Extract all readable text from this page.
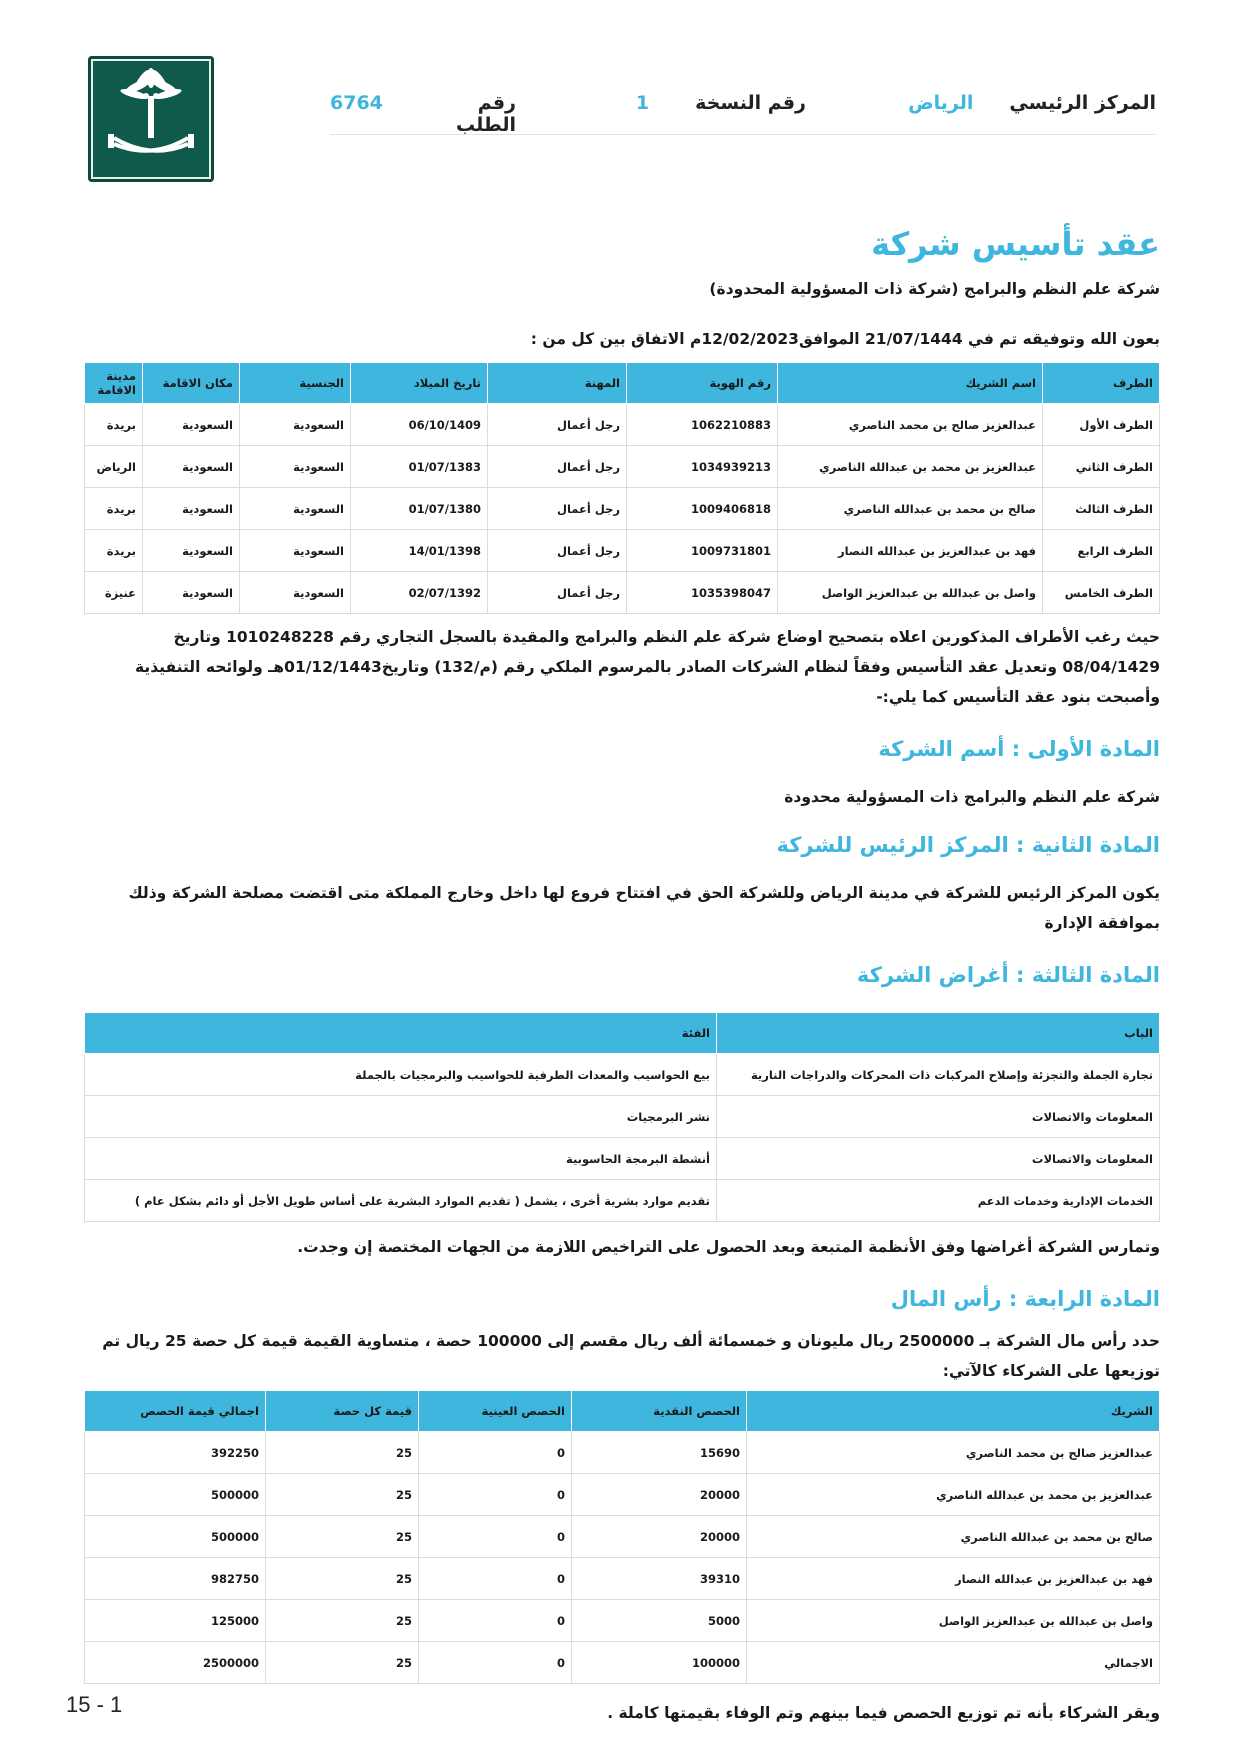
المركز الرئيسي
الرياض
رقم النسخة
1
رقم الطلب
6764
عقد تأسيس شركة

شركة علم النظم والبرامج (شركة ذات المسؤولية المحدودة)

بعون الله وتوفيقه تم في 21/07/1444 الموافق12/02/2023م الاتفاق بين كل من :

الطرف	اسم الشريك	رقم الهوية	المهنة	تاريخ الميلاد	الجنسية	مكان الاقامة	مدينة الاقامة
الطرف الأول	عبدالعزيز صالح بن محمد الناصري	1062210883	رجل أعمال	06/10/1409	السعودية	السعودية	بريدة
الطرف الثاني	عبدالعزيز بن محمد بن عبدالله الناصري	1034939213	رجل أعمال	01/07/1383	السعودية	السعودية	الرياض
الطرف الثالث	صالح بن محمد بن عبدالله الناصري	1009406818	رجل أعمال	01/07/1380	السعودية	السعودية	بريدة
الطرف الرابع	فهد بن عبدالعزيز بن عبدالله النصار	1009731801	رجل أعمال	14/01/1398	السعودية	السعودية	بريدة
الطرف الخامس	واصل بن عبدالله بن عبدالعزيز الواصل	1035398047	رجل أعمال	02/07/1392	السعودية	السعودية	عنيزة

حيث رغب الأطراف المذكورين اعلاه بتصحيح اوضاع شركة علم النظم والبرامج والمقيدة بالسجل التجاري رقم 1010248228 وتاريخ 08/04/1429 وتعديل عقد التأسيس وفقاً لنظام الشركات الصادر بالمرسوم الملكي رقم (م/132) وتاريخ01/12/1443هـ ولوائحه التنفيذية وأصبحت بنود عقد التأسيس كما يلي:-

المادة الأولى : أسم الشركة

شركة علم النظم والبرامج ذات المسؤولية محدودة

المادة الثانية : المركز الرئيس للشركة

يكون المركز الرئيس للشركة في مدينة الرياض وللشركة الحق في افتتاح فروع لها داخل وخارج المملكة متى اقتضت مصلحة الشركة وذلك بموافقة الإدارة

المادة الثالثة : أغراض الشركة
الباب	الفئة
تجارة الجملة والتجزئة وإصلاح المركبات ذات المحركات والدراجات النارية	بيع الحواسيب والمعدات الطرفية للحواسيب والبرمجيات بالجملة
المعلومات والاتصالات	نشر البرمجيات
المعلومات والاتصالات	أنشطة البرمجة الحاسوبية
الخدمات الإدارية وخدمات الدعم	تقديم موارد بشرية أخرى ، يشمل ( تقديم الموارد البشرية على أساس طويل الأجل أو دائم بشكل عام )

وتمارس الشركة أغراضها وفق الأنظمة المتبعة وبعد الحصول على التراخيص اللازمة من الجهات المختصة إن وجدت.

المادة الرابعة : رأس المال

حدد رأس مال الشركة بـ 2500000 ريال مليونان و خمسمائة ألف ريال مقسم إلى 100000 حصة ، متساوية القيمة قيمة كل حصة 25 ريال تم توزيعها على الشركاء كالآتي:

الشريك	الحصص النقدية	الحصص العينية	قيمة كل حصة	اجمالي قيمة الحصص
عبدالعزيز صالح بن محمد الناصري	15690	0	25	392250
عبدالعزيز بن محمد بن عبدالله الناصري	20000	0	25	500000
صالح بن محمد بن عبدالله الناصري	20000	0	25	500000
فهد بن عبدالعزيز بن عبدالله النصار	39310	0	25	982750
واصل بن عبدالله بن عبدالعزيز الواصل	5000	0	25	125000
الاجمالي	100000	0	25	2500000

ويقر الشركاء بأنه تم توزيع الحصص فيما بينهم وتم الوفاء بقيمتها كاملة .

15 - 1
